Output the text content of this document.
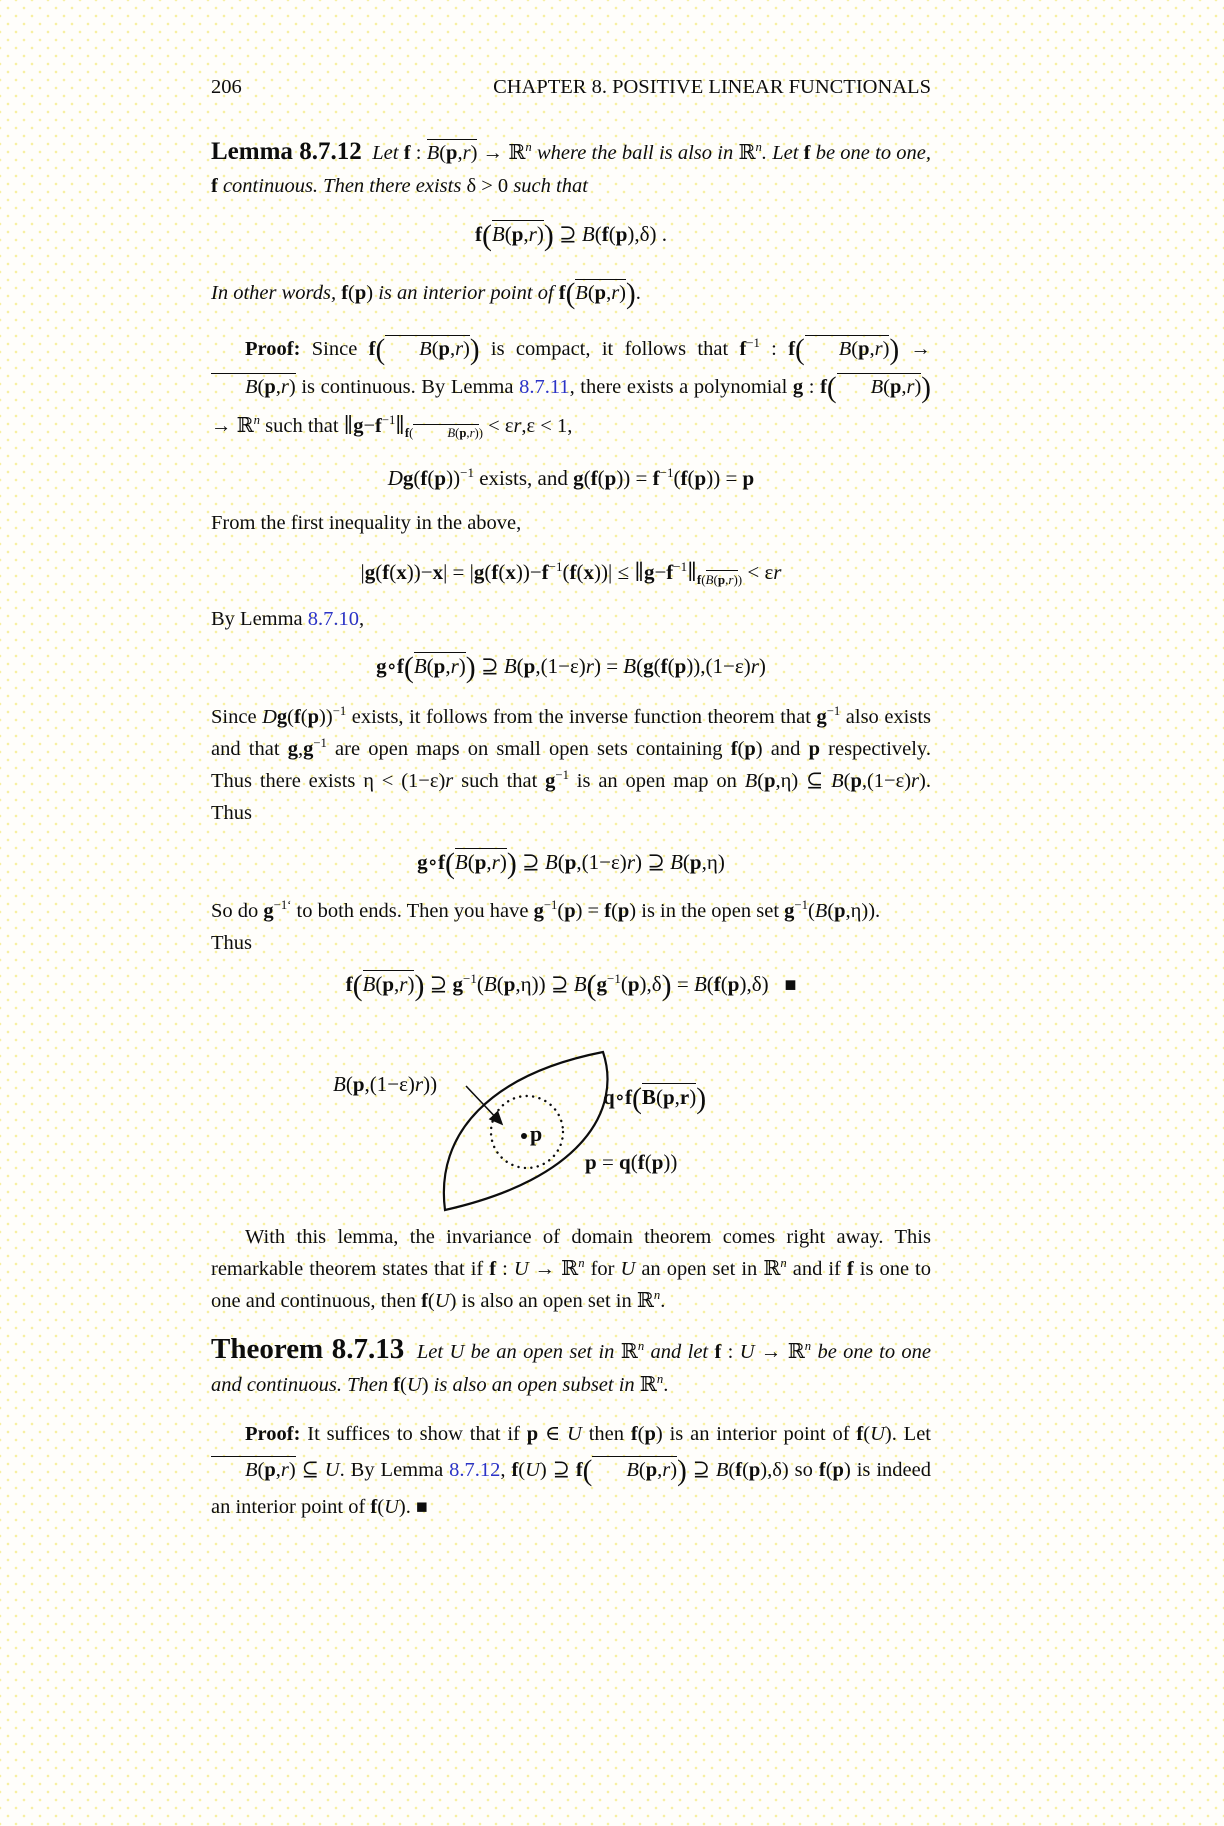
206	CHAPTER 8. POSITIVE LINEAR FUNCTIONALS
Lemma 8.7.12 Let f : B(p,r) → ℝ$^n$ where the ball is also in ℝ$^n$. Let f be one to one, f continuous. Then there exists δ > 0 such that
f(B(p,r)) ⊇ B(f(p),δ) .
In other words, f(p) is an interior point of f(B(p,r)).
Proof: Since f( B(p,r)) is compact, it follows that $f^{-1}$ : f( B(p,r)) → B(p,r) is continuous. By Lemma 8.7.11, there exists a polynomial g : f( B(p,r)) → ℝ$^n$ such that $\parallel g-f^{-1}\parallel_{f( B(p,r))} < \varepsilon r,\varepsilon < 1$,
$Dg(f(p))^{-1}$ exists, and $g(f(p)) = f^{-1}(f(p)) = p$
From the first inequality in the above,
$|g(f(x))-x| = |g(f(x))-f^{-1}(f(x))|$ ≤ $\parallel g-f^{-1}\parallel_{f(B(p,r))} < \varepsilon r$
By Lemma 8.7.10,
g∘f(B(p,r)) ⊇ B(p,(1−ε)r) = B(g(f(p)),(1−ε)r)
Since $Dg(f(p))^{-1}$ exists, it follows from the inverse function theorem that $g^{-1}$ also exists and that $g,g^{-1}$ are open maps on small open sets containing f(p) and p respectively. Thus there exists η < (1−ε)r such that $g^{-1}$ is an open map on B(p,η) ⊆ B(p,(1−ε)r). Thus
g∘f(B(p,r)) ⊇ B(p,(1−ε)r) ⊇ B(p,η)
So do $g^{-1‘}$ to both ends. Then you have $g^{-1}(p) = f(p)$ is in the open set $g^{-1}(B(p,\eta))$.
Thus
f(B(p,r)) ⊇ $g^{-1}(B(p,\eta))$ ⊇ $B(g^{-1}(p),\delta) = B(f(p),\delta)$   ■
B(p,(1−ε)r))
q∘f(B(p,r))
p = q(f(p))
p
With this lemma, the invariance of domain theorem comes right away. This remarkable theorem states that if f : U → ℝ$^n$ for U an open set in ℝ$^n$ and if f is one to one and continuous, then f(U) is also an open set in ℝ$^n$.
Theorem 8.7.13 Let U be an open set in ℝ$^n$ and let f : U → ℝ$^n$ be one to one and continuous. Then f(U) is also an open subset in ℝ$^n$.
Proof: It suffices to show that if p ∈ U then f(p) is an interior point of f(U). Let B(p,r) ⊆ U. By Lemma 8.7.12, f(U) ⊇ f( B(p,r)) ⊇ B(f(p),δ) so f(p) is indeed an interior point of f(U). ■
